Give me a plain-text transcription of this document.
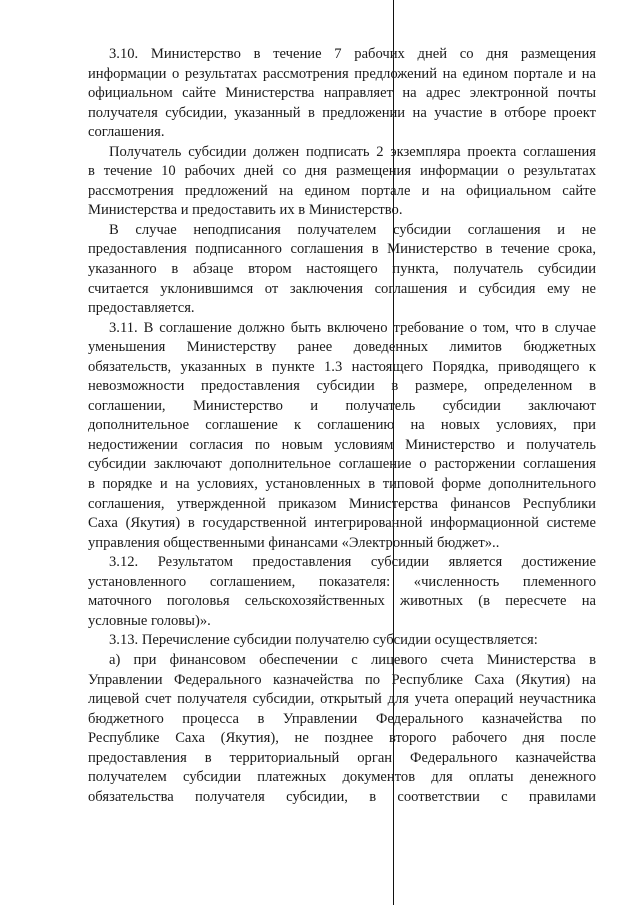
3.10. Министерство в течение 7 рабочих дней со дня размещения
информации о результатах рассмотрения предложений на едином портале и на
официальном сайте Министерства направляет на адрес электронной почты
получателя субсидии, указанный в предложении на участие в отборе проект
соглашения.
Получатель субсидии должен подписать 2 экземпляра проекта соглашения
в течение 10 рабочих дней со дня размещения информации о результатах
рассмотрения предложений на едином портале и на официальном сайте
Министерства и предоставить их в Министерство.
В случае неподписания получателем субсидии соглашения и не
предоставления подписанного соглашения в Министерство в течение срока,
указанного в абзаце втором настоящего пункта, получатель субсидии
считается уклонившимся от заключения соглашения и субсидия ему не
предоставляется.
3.11. В соглашение должно быть включено требование о том, что в случае
уменьшения Министерству ранее доведенных лимитов бюджетных
обязательств, указанных в пункте 1.3 настоящего Порядка, приводящего к
невозможности предоставления субсидии в размере, определенном в
соглашении, Министерство и получатель субсидии заключают
дополнительное соглашение к соглашению на новых условиях, при
недостижении согласия по новым условиям Министерство и получатель
субсидии заключают дополнительное соглашение о расторжении соглашения
в порядке и на условиях, установленных в типовой форме дополнительного
соглашения, утвержденной приказом Министерства финансов Республики
Саха (Якутия) в государственной интегрированной информационной системе
управления общественными финансами «Электронный бюджет»..
3.12. Результатом предоставления субсидии является достижение
установленного соглашением, показателя: «численность племенного
маточного поголовья сельскохозяйственных животных (в пересчете на
условные головы)».
3.13. Перечисление субсидии получателю субсидии осуществляется:
а) при финансовом обеспечении с лицевого счета Министерства в
Управлении Федерального казначейства по Республике Саха (Якутия) на
лицевой счет получателя субсидии, открытый для учета операций неучастника
бюджетного процесса в Управлении Федерального казначейства по
Республике Саха (Якутия), не позднее второго рабочего дня после
предоставления в территориальный орган Федерального казначейства
получателем субсидии платежных документов для оплаты денежного
обязательства получателя субсидии, в соответствии с правилами
